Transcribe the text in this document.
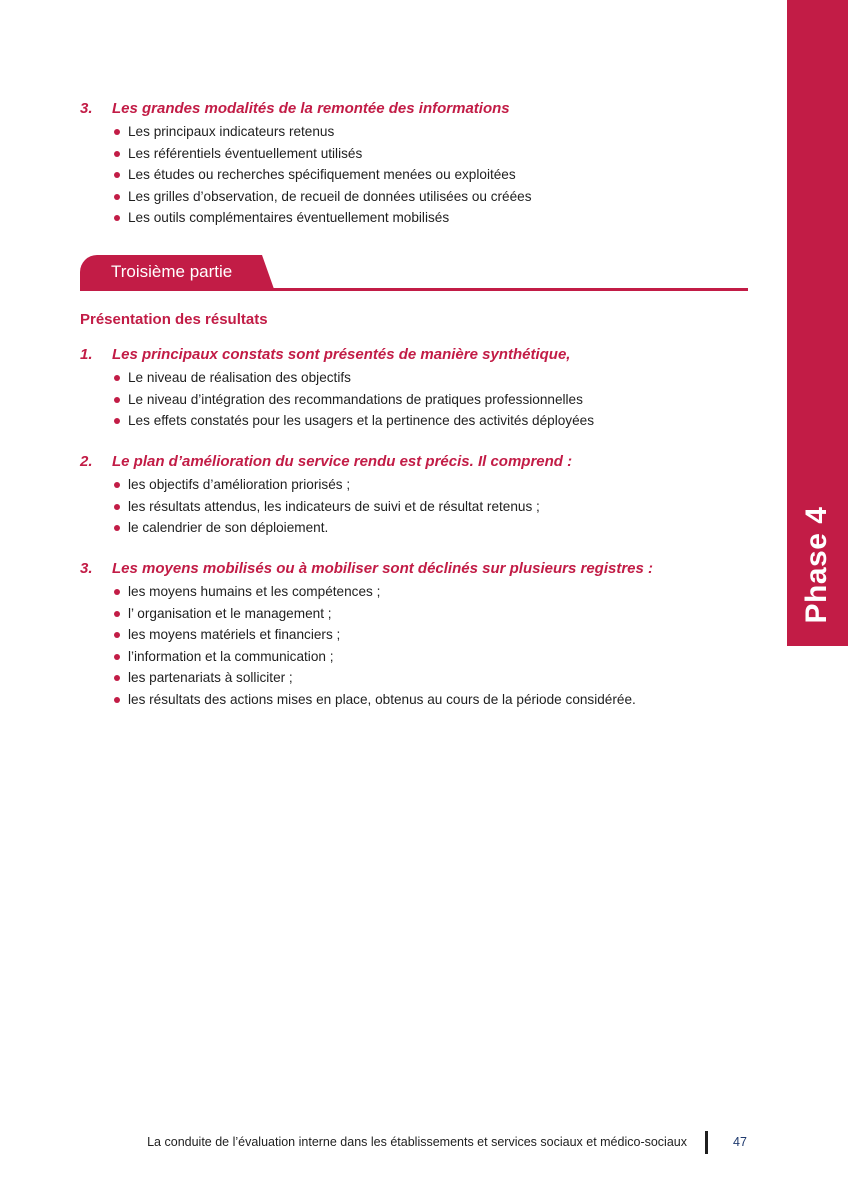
Phase 4
3.	Les grandes modalités de la remontée des informations
Les principaux indicateurs retenus
Les référentiels éventuellement utilisés
Les études ou recherches spécifiquement menées ou exploitées
Les grilles d’observation, de recueil de données utilisées ou créées
Les outils complémentaires éventuellement mobilisés
Troisième partie
Présentation des résultats
1.	Les principaux constats sont présentés de manière synthétique,
Le niveau de réalisation des objectifs
Le niveau d’intégration des recommandations de pratiques professionnelles
Les effets constatés pour les usagers et la pertinence des activités déployées
2.	Le plan d’amélioration du service rendu est précis. Il comprend :
les objectifs d’amélioration priorisés ;
les résultats attendus, les indicateurs de suivi et de résultat retenus ;
le calendrier de son déploiement.
3.	Les moyens mobilisés ou à mobiliser sont déclinés sur plusieurs registres :
les moyens humains et les compétences ;
l’ organisation et le management ;
les moyens matériels et financiers ;
l’information et la communication ;
les partenariats à solliciter ;
les résultats des actions mises en place, obtenus au cours de la période considérée.
La conduite de l’évaluation interne dans les établissements et services sociaux et médico-sociaux	47
